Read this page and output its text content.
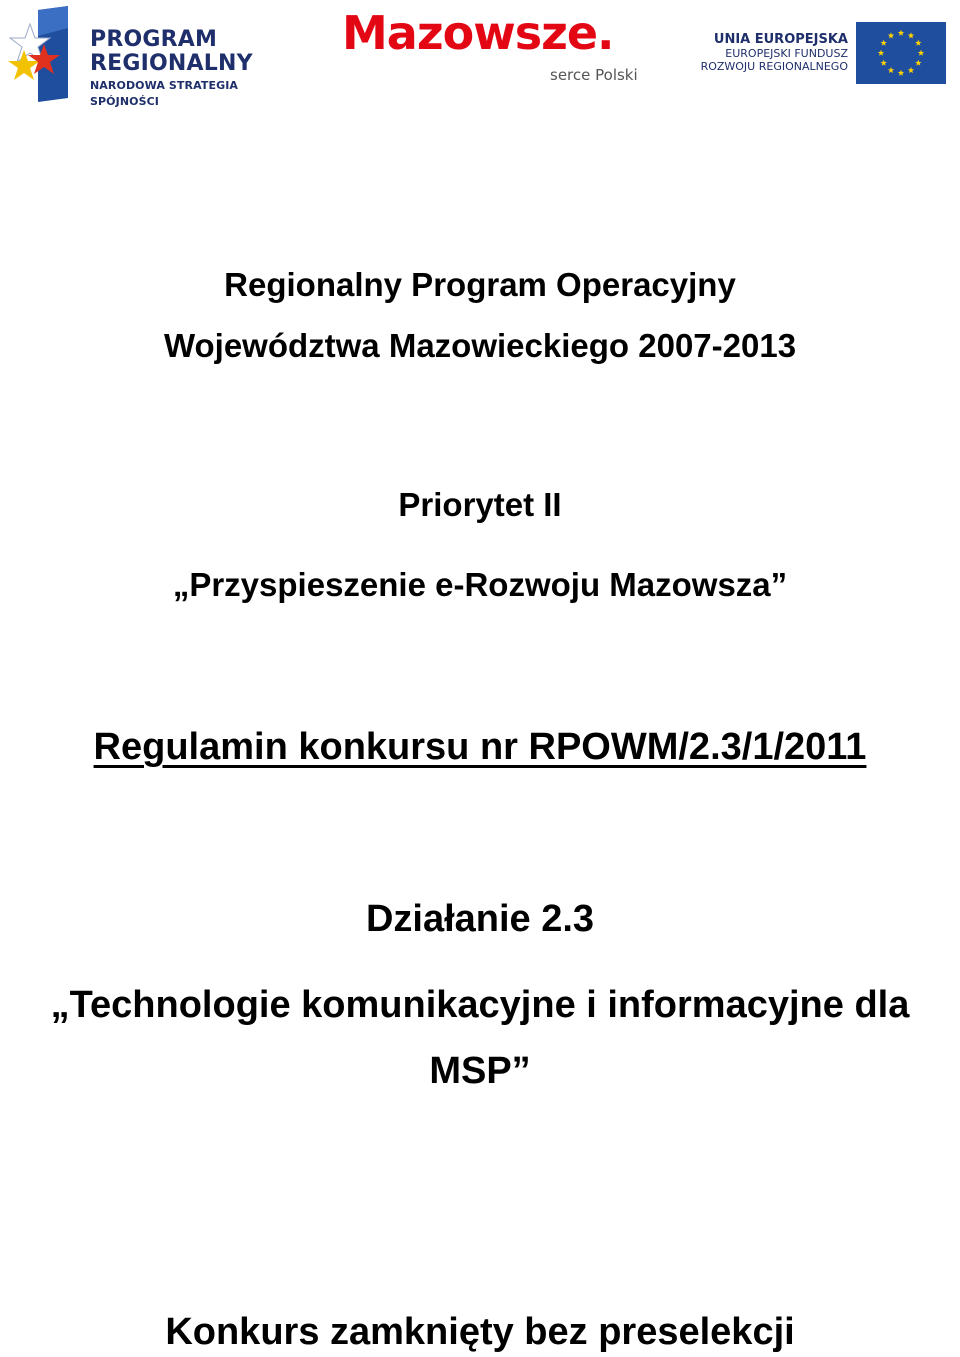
PROGRAM
REGIONALNY
NARODOWA STRATEGIA SPÓJNOŚCI
Mazowsze.
serce Polski
UNIA EUROPEJSKA
EUROPEJSKI FUNDUSZ
ROZWOJU REGIONALNEGO
Regionalny Program Operacyjny
Województwa Mazowieckiego 2007-2013
Priorytet II
„Przyspieszenie e-Rozwoju Mazowsza”
Regulamin konkursu nr RPOWM/2.3/1/2011
Działanie 2.3
„Technologie komunikacyjne i informacyjne dla
MSP”
Konkurs zamknięty bez preselekcji
